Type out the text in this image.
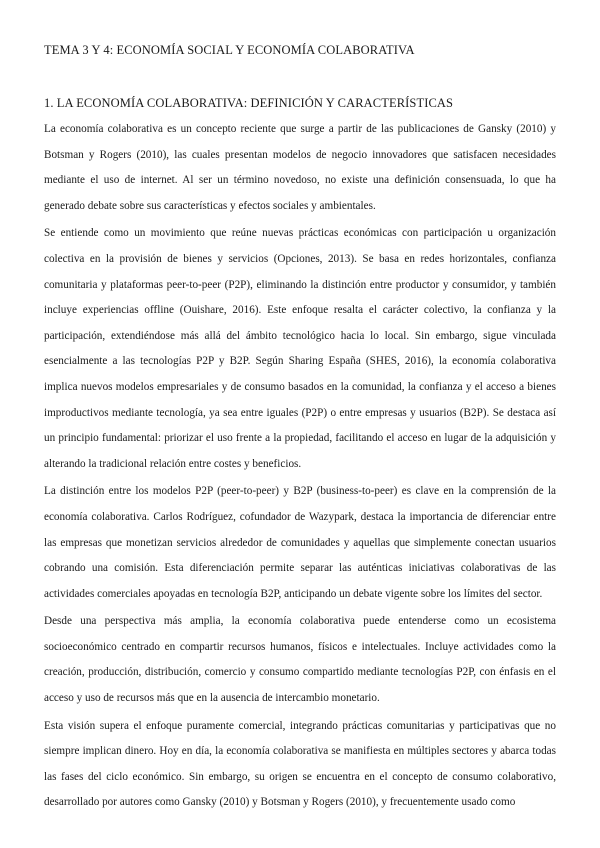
TEMA 3 Y 4: ECONOMÍA SOCIAL Y ECONOMÍA COLABORATIVA
1. LA ECONOMÍA COLABORATIVA: DEFINICIÓN Y CARACTERÍSTICAS

La economía colaborativa es un concepto reciente que surge a partir de las publicaciones de Gansky (2010) y Botsman y Rogers (2010), las cuales presentan modelos de negocio innovadores que satisfacen necesidades mediante el uso de internet. Al ser un término novedoso, no existe una definición consensuada, lo que ha generado debate sobre sus características y efectos sociales y ambientales.

Se entiende como un movimiento que reúne nuevas prácticas económicas con participación u organización colectiva en la provisión de bienes y servicios (Opciones, 2013). Se basa en redes horizontales, confianza comunitaria y plataformas peer-to-peer (P2P), eliminando la distinción entre productor y consumidor, y también incluye experiencias offline (Ouishare, 2016). Este enfoque resalta el carácter colectivo, la confianza y la participación, extendiéndose más allá del ámbito tecnológico hacia lo local. Sin embargo, sigue vinculada esencialmente a las tecnologías P2P y B2P. Según Sharing España (SHES, 2016), la economía colaborativa implica nuevos modelos empresariales y de consumo basados en la comunidad, la confianza y el acceso a bienes improductivos mediante tecnología, ya sea entre iguales (P2P) o entre empresas y usuarios (B2P). Se destaca así un principio fundamental: priorizar el uso frente a la propiedad, facilitando el acceso en lugar de la adquisición y alterando la tradicional relación entre costes y beneficios.

La distinción entre los modelos P2P (peer-to-peer) y B2P (business-to-peer) es clave en la comprensión de la economía colaborativa. Carlos Rodríguez, cofundador de Wazypark, destaca la importancia de diferenciar entre las empresas que monetizan servicios alrededor de comunidades y aquellas que simplemente conectan usuarios cobrando una comisión. Esta diferenciación permite separar las auténticas iniciativas colaborativas de las actividades comerciales apoyadas en tecnología B2P, anticipando un debate vigente sobre los límites del sector.

Desde una perspectiva más amplia, la economía colaborativa puede entenderse como un ecosistema socioeconómico centrado en compartir recursos humanos, físicos e intelectuales. Incluye actividades como la creación, producción, distribución, comercio y consumo compartido mediante tecnologías P2P, con énfasis en el acceso y uso de recursos más que en la ausencia de intercambio monetario.

Esta visión supera el enfoque puramente comercial, integrando prácticas comunitarias y participativas que no siempre implican dinero. Hoy en día, la economía colaborativa se manifiesta en múltiples sectores y abarca todas las fases del ciclo económico. Sin embargo, su origen se encuentra en el concepto de consumo colaborativo, desarrollado por autores como Gansky (2010) y Botsman y Rogers (2010), y frecuentemente usado como
